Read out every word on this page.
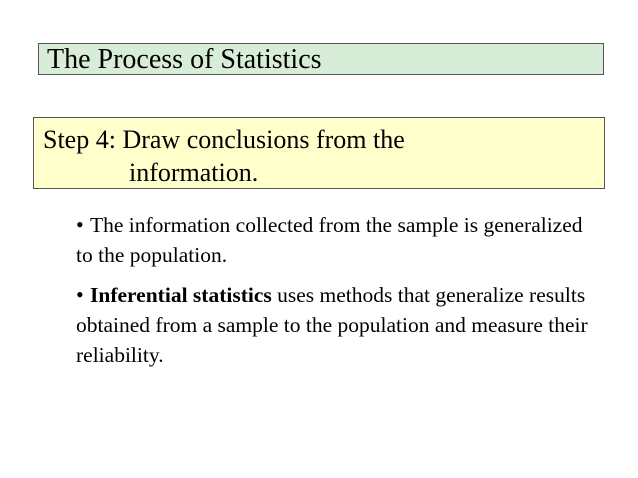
The Process of Statistics
Step 4: Draw conclusions from the
information.
• The information collected from the sample is generalized to the population.
• Inferential statistics uses methods that generalize results obtained from a sample to the population and measure their reliability.
